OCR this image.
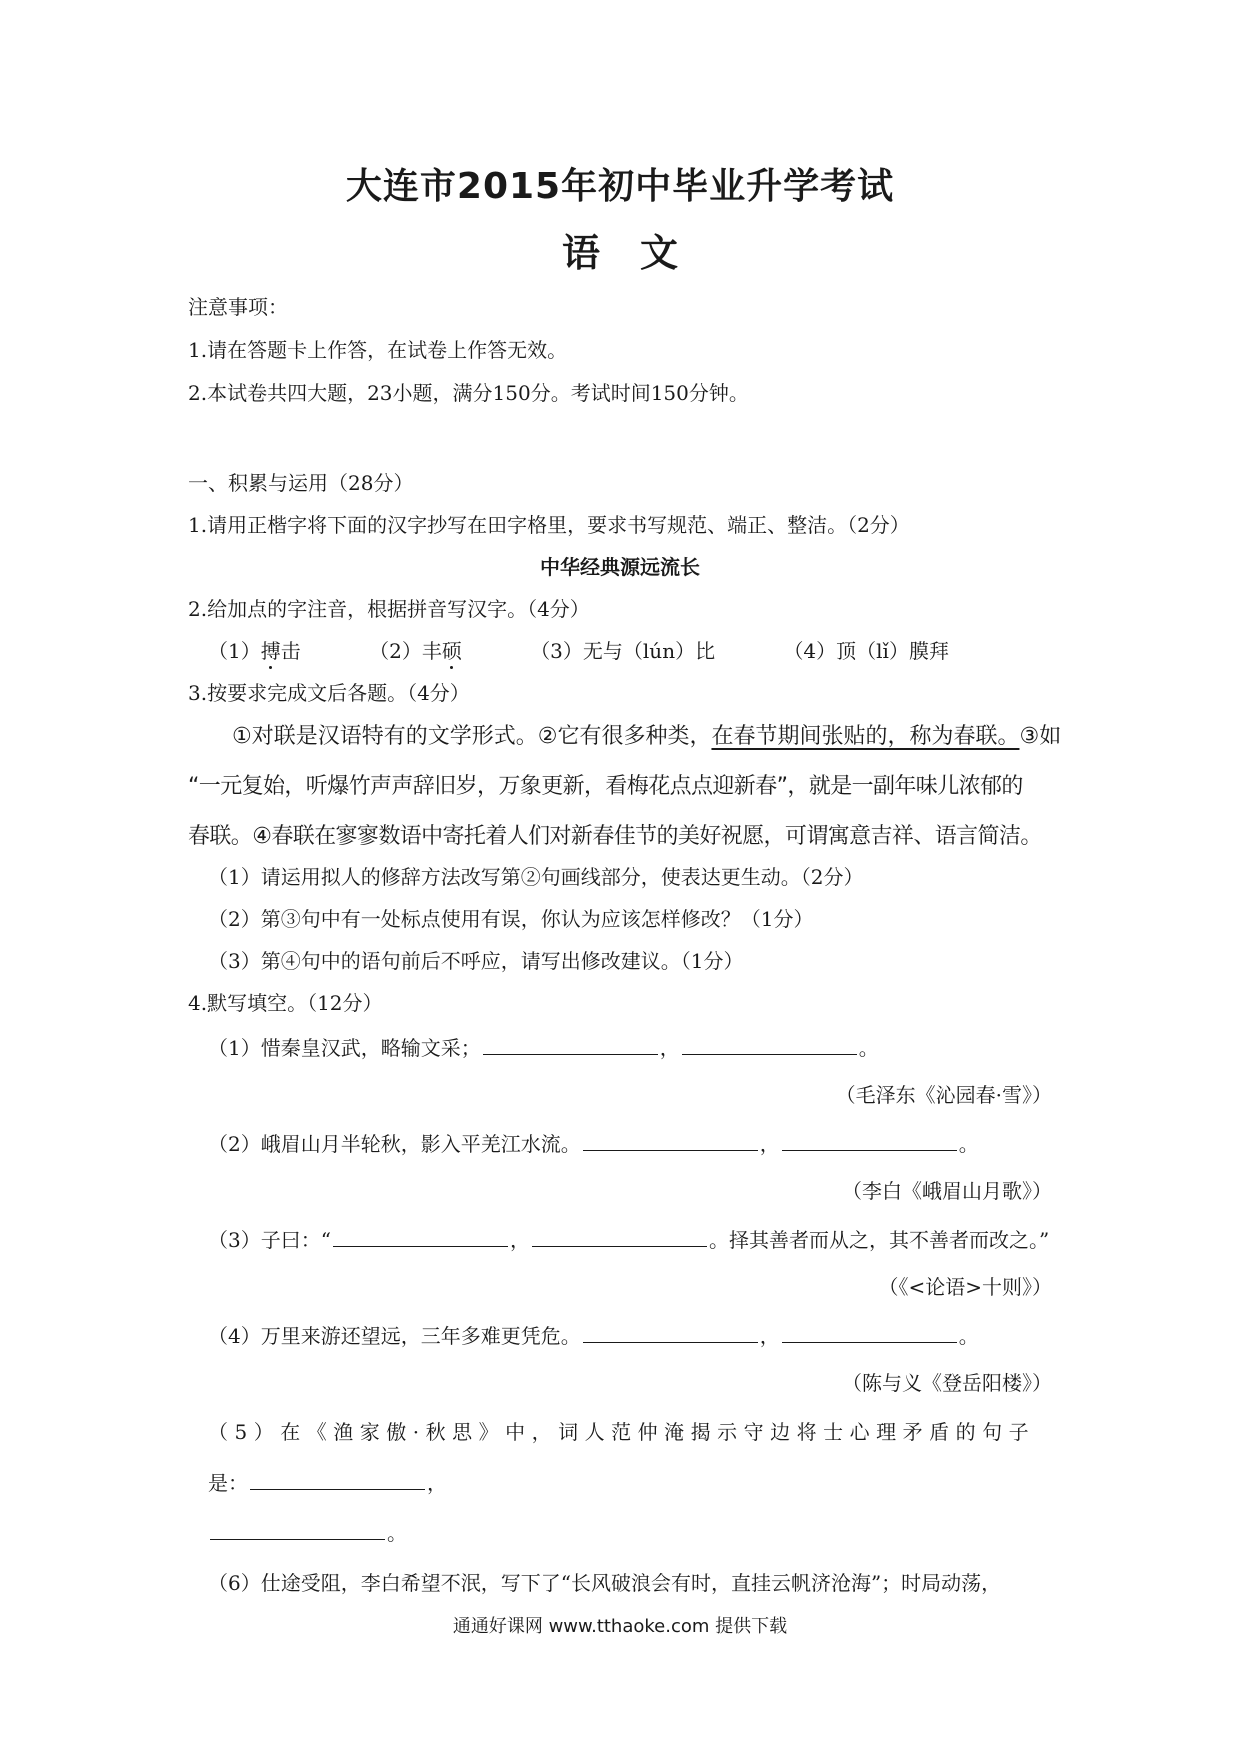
大连市2015年初中毕业升学考试
语文
注意事项：
1.请在答题卡上作答，在试卷上作答无效。
2.本试卷共四大题，23小题，满分150分。考试时间150分钟。
一、积累与运用（28分）
1.请用正楷字将下面的汉字抄写在田字格里，要求书写规范、端正、整洁。（2分）
中华经典源远流长
2.给加点的字注音，根据拼音写汉字。（4分）
（1）搏击	（2）丰硕	（3）无与（lún）比	（4）顶（lǐ）膜拜
3.按要求完成文后各题。（4分）
①对联是汉语特有的文学形式。②它有很多种类，在春节期间张贴的，称为春联。③如
“一元复始，听爆竹声声辞旧岁，万象更新，看梅花点点迎新春”，就是一副年味儿浓郁的
春联。④春联在寥寥数语中寄托着人们对新春佳节的美好祝愿，可谓寓意吉祥、语言简洁。
（1）请运用拟人的修辞方法改写第②句画线部分，使表达更生动。（2分）
（2）第③句中有一处标点使用有误，你认为应该怎样修改？（1分）
（3）第④句中的语句前后不呼应，请写出修改建议。（1分）
4.默写填空。（12分）
（1）惜秦皇汉武，略输文采；	，	。
（毛泽东《沁园春·雪》）
（2）峨眉山月半轮秋，影入平羌江水流。	，	。
（李白《峨眉山月歌》）
（3）子曰：“	，	。择其善者而从之，其不善者而改之。”
（《<论语>十则》）
（4）万里来游还望远，三年多难更凭危。	，	。
（陈与义《登岳阳楼》）
（5）在《渔家傲·秋思》中，词人范仲淹揭示守边将士心理矛盾的句子
是：	，
。
（6）仕途受阻，李白希望不泯，写下了“长风破浪会有时，直挂云帆济沧海”；时局动荡，
通通好课网 www.tthaoke.com 提供下载
